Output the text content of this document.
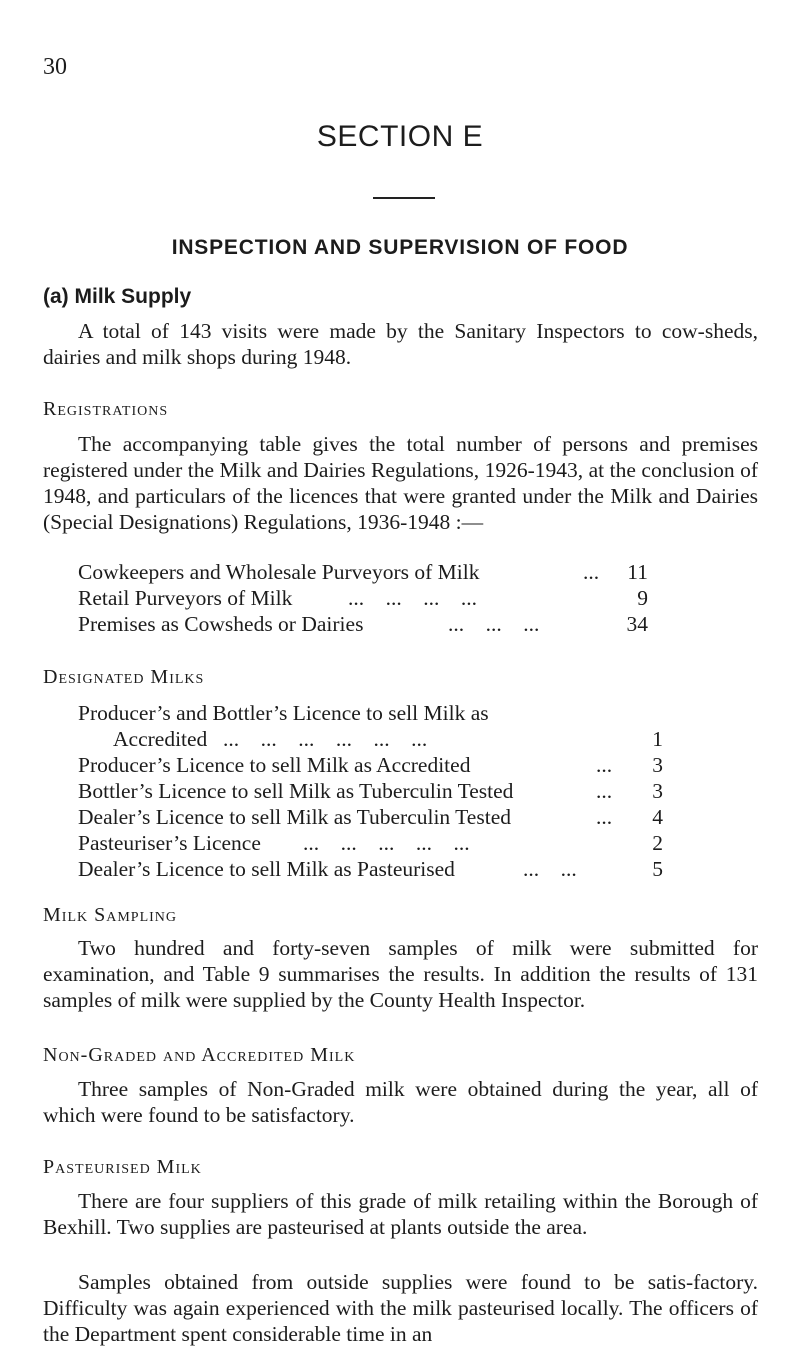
30
SECTION E
INSPECTION AND SUPERVISION OF FOOD
(a) Milk Supply
A total of 143 visits were made by the Sanitary Inspectors to cow-sheds, dairies and milk shops during 1948.
Registrations
The accompanying table gives the total number of persons and premises registered under the Milk and Dairies Regulations, 1926-1943, at the conclusion of 1948, and particulars of the licences that were granted under the Milk and Dairies (Special Designations) Regulations, 1936-1948 :—
Cowkeepers and Wholesale Purveyors of Milk	... 11
Retail Purveyors of Milk	...    ...    ...    ...	9
Premises as Cowsheds or Dairies	...    ...    ...	34
Designated Milks
Producer’s and Bottler’s Licence to sell Milk as
Accredited ...    ...    ...    ...    ...    ...	1
Producer’s Licence to sell Milk as Accredited	... 3
Bottler’s Licence to sell Milk as Tuberculin Tested	... 3
Dealer’s Licence to sell Milk as Tuberculin Tested	... 4
Pasteuriser’s Licence ...    ...    ...    ...    ...	2
Dealer’s Licence to sell Milk as Pasteurised	...    ...	5
Milk Sampling
Two hundred and forty-seven samples of milk were submitted for examination, and Table 9 summarises the results. In addition the results of 131 samples of milk were supplied by the County Health Inspector.
Non-Graded and Accredited Milk
Three samples of Non-Graded milk were obtained during the year, all of which were found to be satisfactory.
Pasteurised Milk
There are four suppliers of this grade of milk retailing within the Borough of Bexhill. Two supplies are pasteurised at plants outside the area.
Samples obtained from outside supplies were found to be satis-factory. Difficulty was again experienced with the milk pasteurised locally. The officers of the Department spent considerable time in an
